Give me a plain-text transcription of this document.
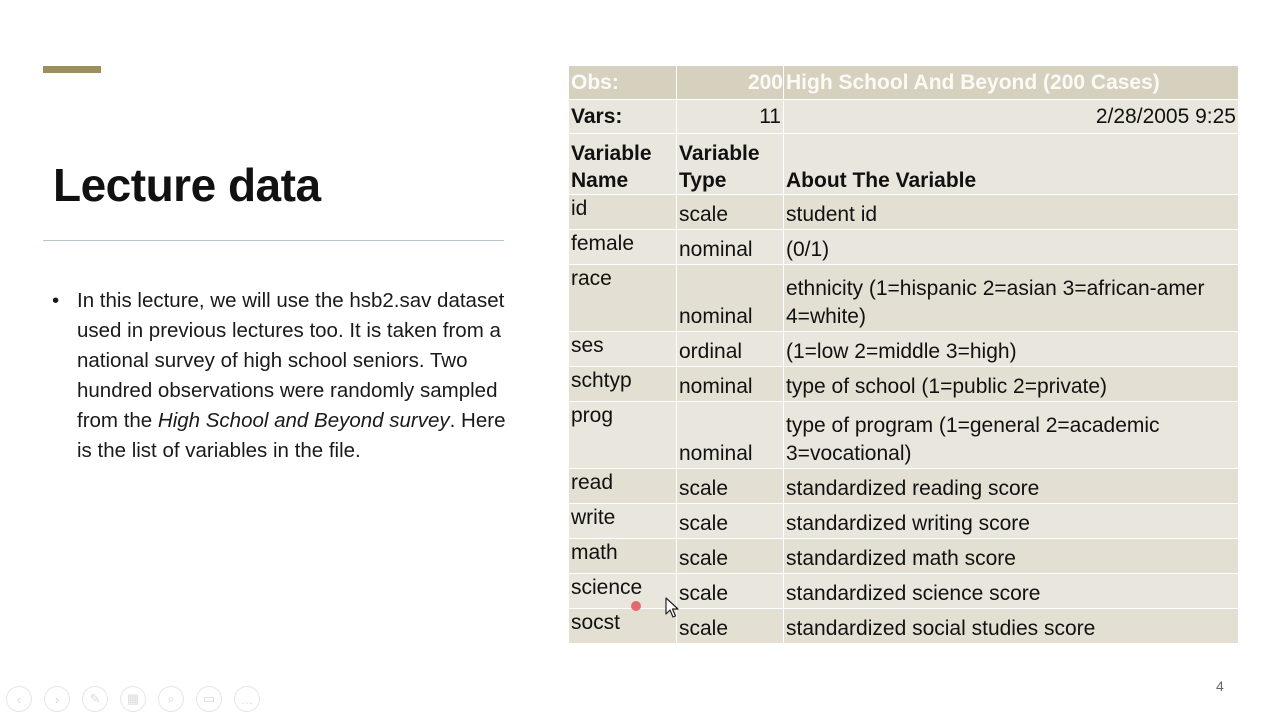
Lecture data
• In this lecture, we will use the hsb2.sav dataset used in previous lectures too. It is taken from a national survey of high school seniors. Two hundred observations were randomly sampled from the High School and Beyond survey. Here is the list of variables in the file.
Obs:	200	High School And Beyond (200 Cases)
Vars:	11	2/28/2005 9:25
Variable Name	Variable Type	About The Variable
id	scale	student id
female	nominal	(0/1)
race	nominal	ethnicity (1=hispanic 2=asian 3=african-amer 4=white)
ses	ordinal	(1=low 2=middle 3=high)
schtyp	nominal	type of school (1=public 2=private)
prog	nominal	type of program (1=general 2=academic 3=vocational)
read	scale	standardized reading score
write	scale	standardized writing score
math	scale	standardized math score
science	scale	standardized science score
socst	scale	standardized social studies score
4
‹	› ✎ ▦ ⌕ ▭ …
